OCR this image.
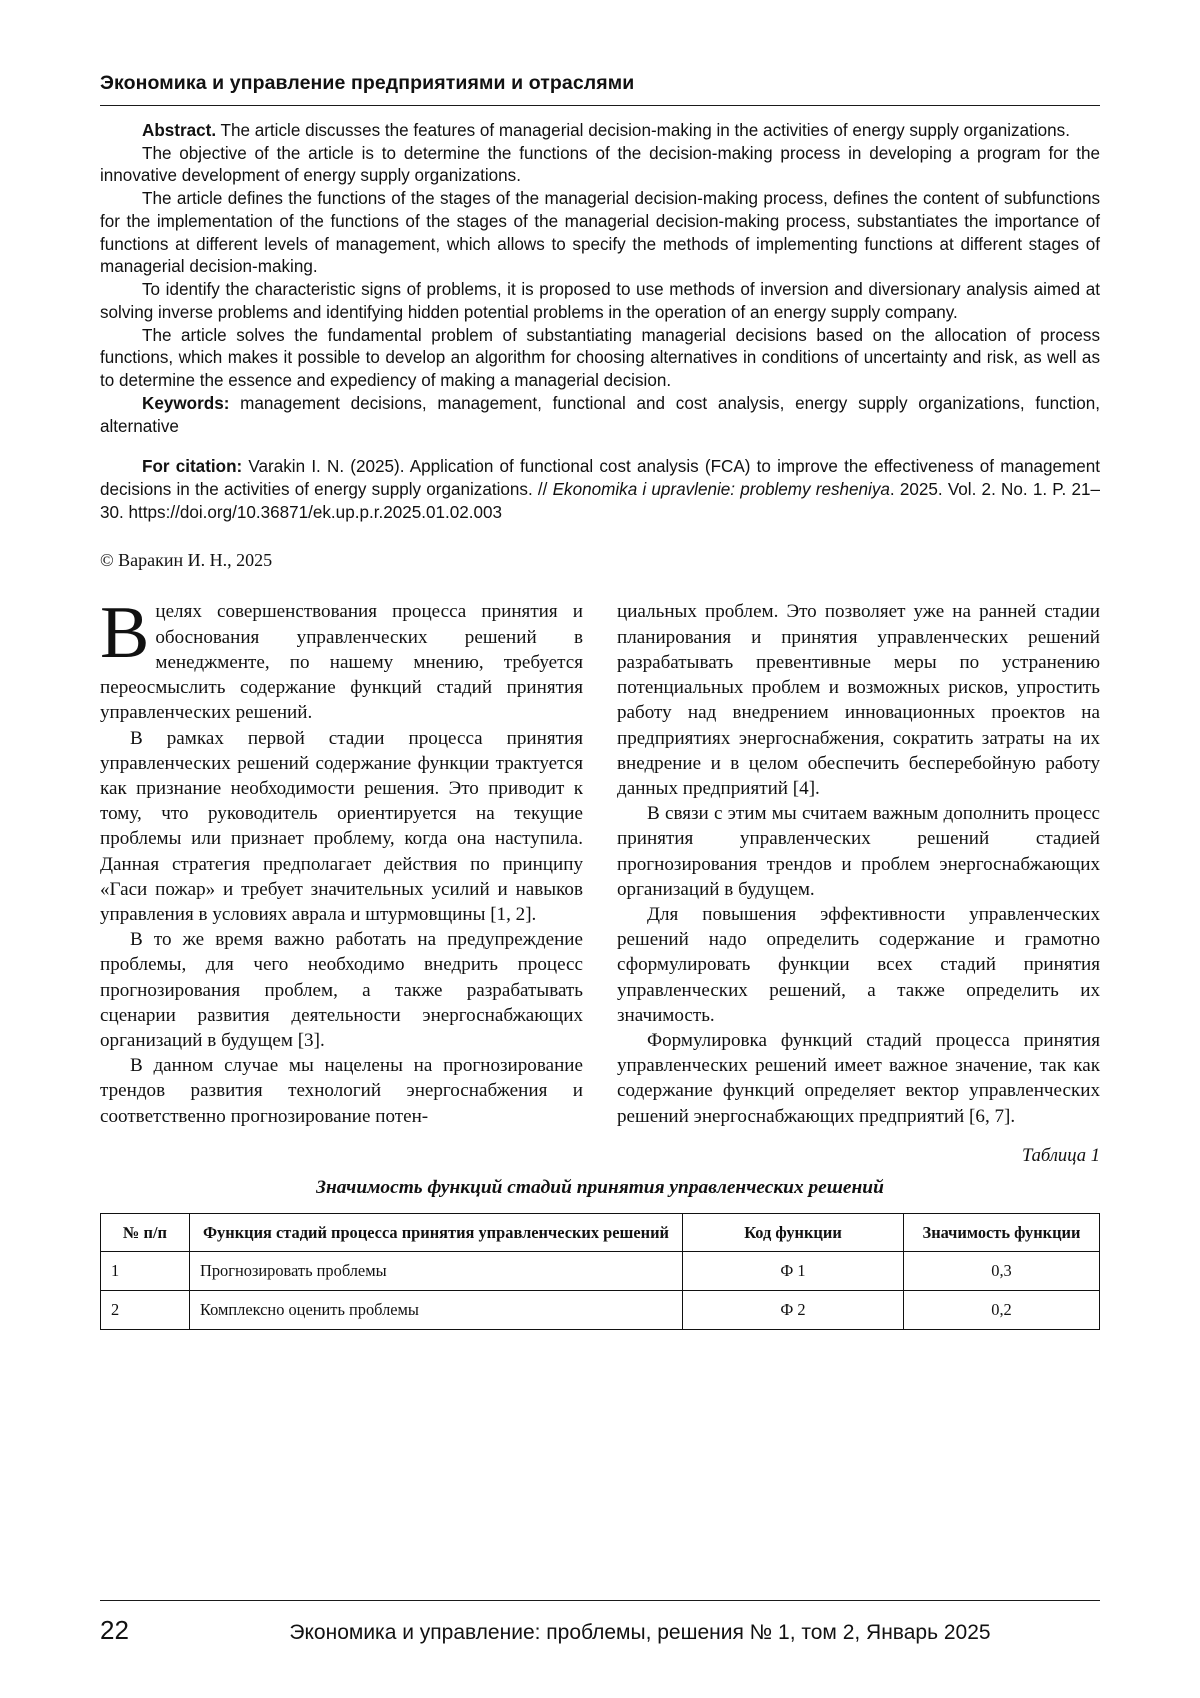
Экономика и управление предприятиями и отраслями

Abstract. The article discusses the features of managerial decision-making in the activities of energy supply organizations.

The objective of the article is to determine the functions of the decision-making process in developing a program for the innovative development of energy supply organizations.

The article defines the functions of the stages of the managerial decision-making process, defines the content of subfunctions for the implementation of the functions of the stages of the managerial decision-making process, substantiates the importance of functions at different levels of management, which allows to specify the methods of implementing functions at different stages of managerial decision-making.

To identify the characteristic signs of problems, it is proposed to use methods of inversion and diversionary analysis aimed at solving inverse problems and identifying hidden potential problems in the operation of an energy supply company.

The article solves the fundamental problem of substantiating managerial decisions based on the allocation of process functions, which makes it possible to develop an algorithm for choosing alternatives in conditions of uncertainty and risk, as well as to determine the essence and expediency of making a managerial decision.

Keywords: management decisions, management, functional and cost analysis, energy supply organizations, function, alternative

For citation: Varakin I. N. (2025). Application of functional cost analysis (FCA) to improve the effectiveness of management decisions in the activities of energy supply organizations. // Ekonomika i upravlenie: problemy resheniya. 2025. Vol. 2. No. 1. P. 21–30. https://doi.org/10.36871/ek.up.p.r.2025.01.02.003

© Варакин И. Н., 2025

Вцелях совершенствования процесса принятия и обоснования управленческих решений в менеджменте, по нашему мнению, требуется переосмыслить содержание функций стадий принятия управленческих решений.

В рамках первой стадии процесса принятия управленческих решений содержание функции трактуется как признание необходимости решения. Это приводит к тому, что руководитель ориентируется на текущие проблемы или признает проблему, когда она наступила. Данная стратегия предполагает действия по принципу «Гаси пожар» и требует значительных усилий и навыков управления в условиях аврала и штурмовщины [1, 2].

В то же время важно работать на предупреждение проблемы, для чего необходимо внедрить процесс прогнозирования проблем, а также разрабатывать сценарии развития деятельности энергоснабжающих организаций в будущем [3].

В данном случае мы нацелены на прогнозирование трендов развития технологий энергоснабжения и соответственно прогнозирование потен-

циальных проблем. Это позволяет уже на ранней стадии планирования и принятия управленческих решений разрабатывать превентивные меры по устранению потенциальных проблем и возможных рисков, упростить работу над внедрением инновационных проектов на предприятиях энергоснабжения, сократить затраты на их внедрение и в целом обеспечить бесперебойную работу данных предприятий [4].

В связи с этим мы считаем важным дополнить процесс принятия управленческих решений стадией прогнозирования трендов и проблем энергоснабжающих организаций в будущем.

Для повышения эффективности управленческих решений надо определить содержание и грамотно сформулировать функции всех стадий принятия управленческих решений, а также определить их значимость.

Формулировка функций стадий процесса принятия управленческих решений имеет важное значение, так как содержание функций определяет вектор управленческих решений энергоснабжающих предприятий [6, 7].

Таблица 1
Значимость функций стадий принятия управленческих решений
№ п/п	Функция стадий процесса принятия управленческих решений	Код функции	Значимость функции
1	Прогнозировать проблемы	Ф 1	0,3
2	Комплексно оценить проблемы	Ф 2	0,2
22	Экономика и управление: проблемы, решения № 1, том 2, Январь 2025
